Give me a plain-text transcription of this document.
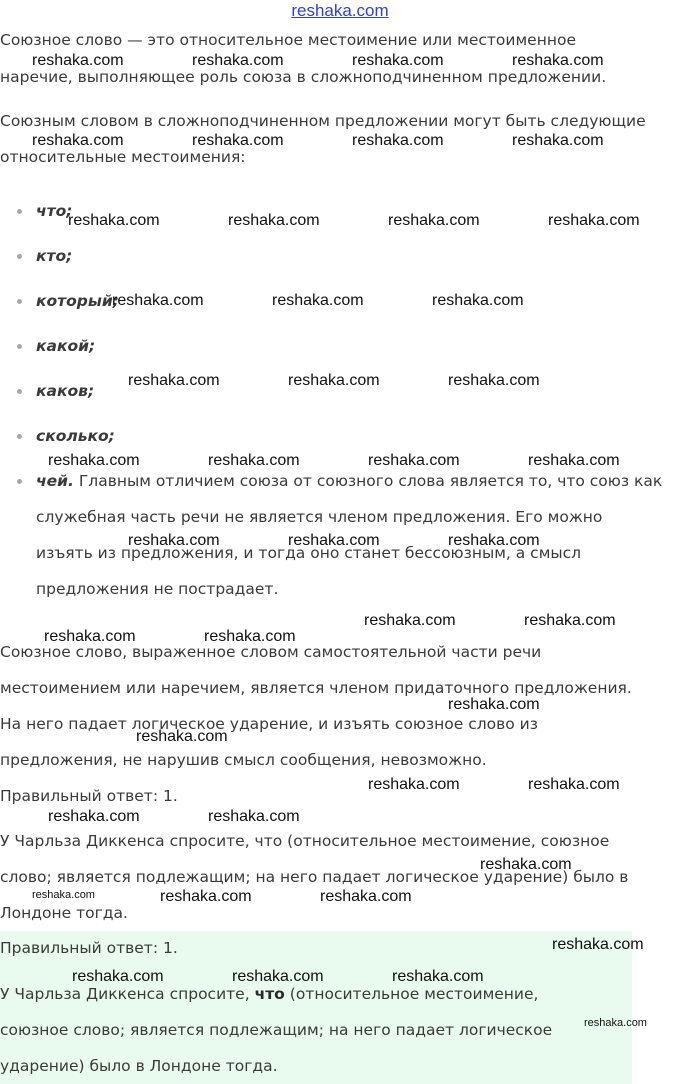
reshaka.com

Союзное слово — это относительное местоимение или местоименное

наречие, выполняющее роль союза в сложноподчиненном предложении.

Союзным словом в сложноподчиненном предложении могут быть следующие

относительные местоимения:

что;
кто;
который;
какой;
каков;
сколько;
чей. Главным отличием союза от союзного слова является то, что союз как

служебная часть речи не является членом предложения. Его можно

изъять из предложения, и тогда оно станет бессоюзным, а смысл

предложения не пострадает.

Союзное слово, выраженное словом самостоятельной части речи

местоимением или наречием, является членом придаточного предложения.

На него падает логическое ударение, и изъять союзное слово из

предложения, не нарушив смысл сообщения, невозможно.

Правильный ответ: 1.

У Чарльза Диккенса спросите, что (относительное местоимение, союзное

слово; является подлежащим; на него падает логическое ударение) было в

Лондоне тогда.

Правильный ответ: 1.

У Чарльза Диккенса спросите, что (относительное местоимение,

союзное слово; является подлежащим; на него падает логическое

ударение) было в Лондоне тогда.

reshaka.com	reshaka.com	reshaka.com	reshaka.com
reshaka.com	reshaka.com	reshaka.com	reshaka.com
reshaka.com	reshaka.com	reshaka.com	reshaka.com
reshaka.com	reshaka.com	reshaka.com
reshaka.com	reshaka.com	reshaka.com
reshaka.com	reshaka.com	reshaka.com	reshaka.com
reshaka.com	reshaka.com	reshaka.com
reshaka.com	reshaka.com
reshaka.com	reshaka.com
reshaka.com
reshaka.com
reshaka.com	reshaka.com
reshaka.com	reshaka.com
reshaka.com
reshaka.com	reshaka.com	reshaka.com
reshaka.com
reshaka.com	reshaka.com	reshaka.com
reshaka.com
